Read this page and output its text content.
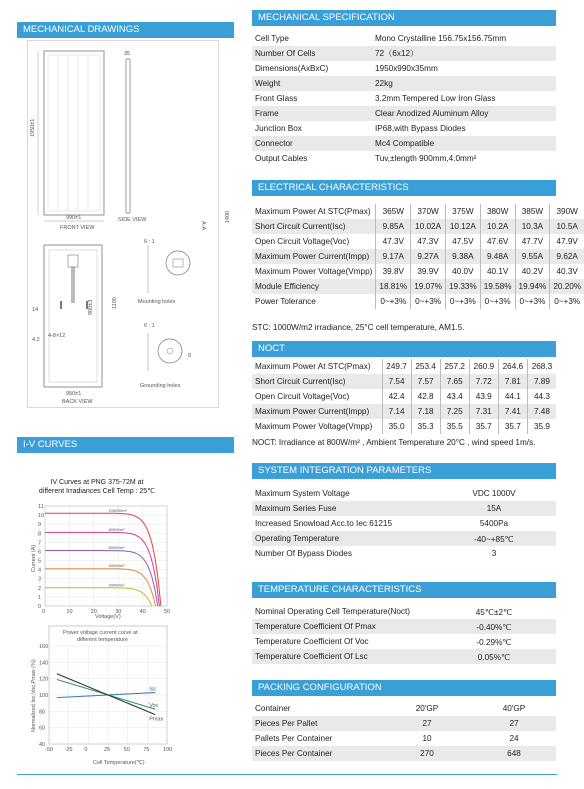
MECHANICAL DRAWINGS
I-V CURVES
1950±1
990±1
FRONT VIEW
35
SIDE VIEW
A-A
1100
900±3
14
4-8×12
4.2
950±1
BACK VIEW
6 : 1
Mounting holes
6 : 1
9
Grounding holes
1400
IV Curves at PNG 375-72M at
different Irradiances Cell Temp : 25℃
0	10	20	30	40	50
0
1
2
3
4
5
6
7
8
9
10
11
1000W/m²
800W/m²
600W/m²
400W/m²
200W/m²
Current (A)
Voltage(V)
Power voltage current curve at
different temperature
-50 -25 0	25 50 75 100
40
60
80
100
120
140
160
Isc
Voc
Pmax
Normalized Isc,Voc,Pmax (%)
Cell Temperature(℃)
MECHANICAL SPECIFICATION
Cell Type	Mono Crystalline 156.75x156.75mm
Number Of Cells	72（6x12）
Dimensions(AxBxC)	1950x990x35mm
Weight	22kg
Front Glass	3.2mm Tempered Low Iron Glass
Frame	Clear Anodized Aluminum Alloy
Junction Box	IP68,with Bypass Diodes
Connector	Mc4 Compatible
Output Cables	Tuv,±length 900mm,4.0mm²
ELECTRICAL CHARACTERISTICS
Maximum Power At STC(Pmax)	365W	370W	375W	380W	385W	390W
Short Circuit Current(Isc)	9.85A	10.02A	10.12A	10.2A	10.3A	10.5A
Open Circuit Voltage(Voc)	47.3V	47.3V	47.5V	47.6V	47.7V	47.9V
Maximum Power Current(Impp)	9.17A	9.27A	9.38A	9.48A	9.55A	9.62A
Maximum Power Voltage(Vmpp)	39.8V	39.9V	40.0V	40.1V	40.2V	40.3V
Module Efficiency	18.81%	19.07%	19.33%	19.58%	19.94%	20.20%
Power Tolerance	0~+3%	0~+3%	0~+3%	0~+3%	0~+3%	0~+3%
STC: 1000W/m2 irradiance, 25°C cell temperature, AM1.5.
NOCT
Maximum Power At STC(Pmax)	249.7	253.4	257.2	260.9	264.6	268.3
Short Circuit Current(Isc)	7.54	7.57	7.65	7.72	7.81	7.89
Open Circuit Voltage(Voc)	42.4	42.8	43.4	43.9	44.1	44.3
Maximum Power Current(Impp)	7.14	7.18	7.25	7.31	7.41	7.48
Maximum Power Voltage(Vmpp)	35.0	35.3	35.5	35.7	35.7	35.9
NOCT: Irradiance at 800W/m² , Ambient Temperature 20°C , wind speed 1m/s.
SYSTEM INTEGRATION PARAMETERS
Maximum System Voltage	VDC 1000V
Maximum Series Fuse	15A
Increased Snowload Acc.to Iec 61215	5400Pa
Operating Temperature	-40~+85℃
Number Of Bypass Diodes	3
TEMPERATURE CHARACTERISTICS
Nominal Operating Cell Temperature(Noct)	45℃±2℃
Temperature Coefficient Of Pmax	-0.40%℃
Temperature Coefficient Of Voc	-0.29%℃
Temperature Coefficient Of Lsc	0.05%℃
PACKING CONFIGURATION
Container	20'GP	40'GP
Pieces Per Pallet	27	27
Pallets Per Container	10	24
Pieces Per Container	270	648
